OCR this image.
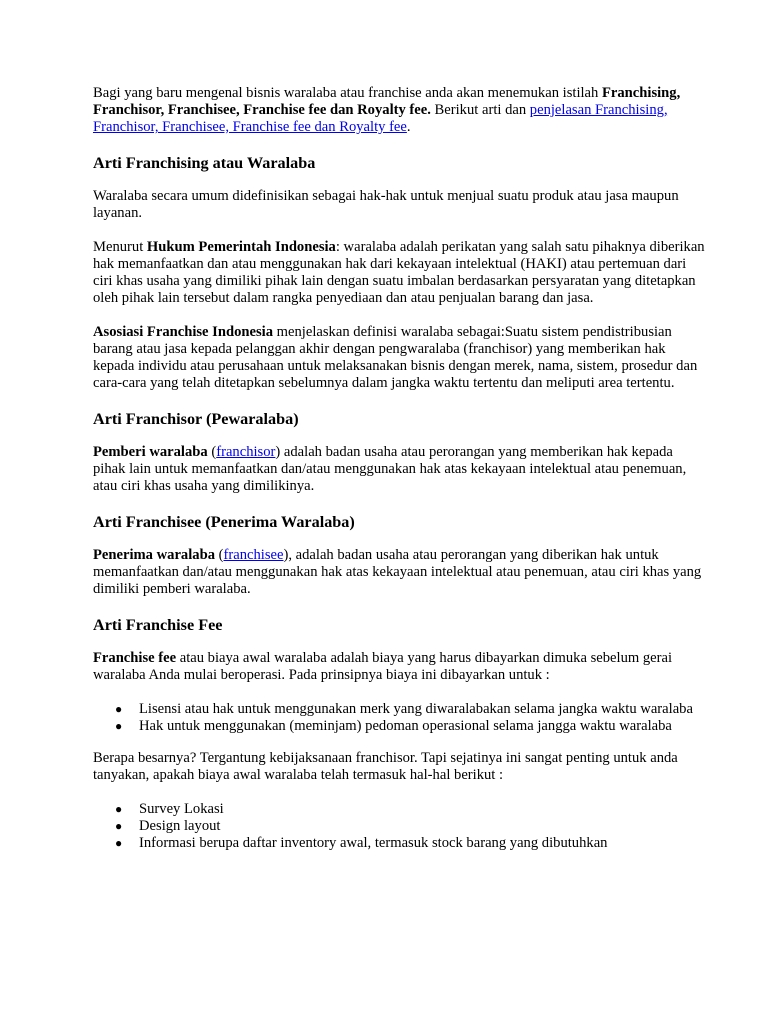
Bagi yang baru mengenal bisnis waralaba atau franchise anda akan menemukan istilah Franchising, Franchisor, Franchisee, Franchise fee dan Royalty fee. Berikut arti dan penjelasan Franchising, Franchisor, Franchisee, Franchise fee dan Royalty fee.

Arti Franchising atau Waralaba

Waralaba secara umum didefinisikan sebagai hak-hak untuk menjual suatu produk atau jasa maupun layanan.

Menurut Hukum Pemerintah Indonesia: waralaba adalah perikatan yang salah satu pihaknya diberikan hak memanfaatkan dan atau menggunakan hak dari kekayaan intelektual (HAKI) atau pertemuan dari ciri khas usaha yang dimiliki pihak lain dengan suatu imbalan berdasarkan persyaratan yang ditetapkan oleh pihak lain tersebut dalam rangka penyediaan dan atau penjualan barang dan jasa.

Asosiasi Franchise Indonesia menjelaskan definisi waralaba sebagai:Suatu sistem pendistribusian barang atau jasa kepada pelanggan akhir dengan pengwaralaba (franchisor) yang memberikan hak kepada individu atau perusahaan untuk melaksanakan bisnis dengan merek, nama, sistem, prosedur dan cara-cara yang telah ditetapkan sebelumnya dalam jangka waktu tertentu dan meliputi area tertentu.

Arti Franchisor (Pewaralaba)

Pemberi waralaba (franchisor) adalah badan usaha atau perorangan yang memberikan hak kepada pihak lain untuk memanfaatkan dan/atau menggunakan hak atas kekayaan intelektual atau penemuan, atau ciri khas usaha yang dimilikinya.

Arti Franchisee (Penerima Waralaba)

Penerima waralaba (franchisee), adalah badan usaha atau perorangan yang diberikan hak untuk memanfaatkan dan/atau menggunakan hak atas kekayaan intelektual atau penemuan, atau ciri khas yang dimiliki pemberi waralaba.

Arti Franchise Fee

Franchise fee atau biaya awal waralaba adalah biaya yang harus dibayarkan dimuka sebelum gerai waralaba Anda mulai beroperasi. Pada prinsipnya biaya ini dibayarkan untuk :

● Lisensi atau hak untuk menggunakan merk yang diwaralabakan selama jangka waktu waralaba
● Hak untuk menggunakan (meminjam) pedoman operasional selama jangga waktu waralaba

Berapa besarnya? Tergantung kebijaksanaan franchisor. Tapi sejatinya ini sangat penting untuk anda tanyakan, apakah biaya awal waralaba telah termasuk hal-hal berikut :

● Survey Lokasi
● Design layout
● Informasi berupa daftar inventory awal, termasuk stock barang yang dibutuhkan
